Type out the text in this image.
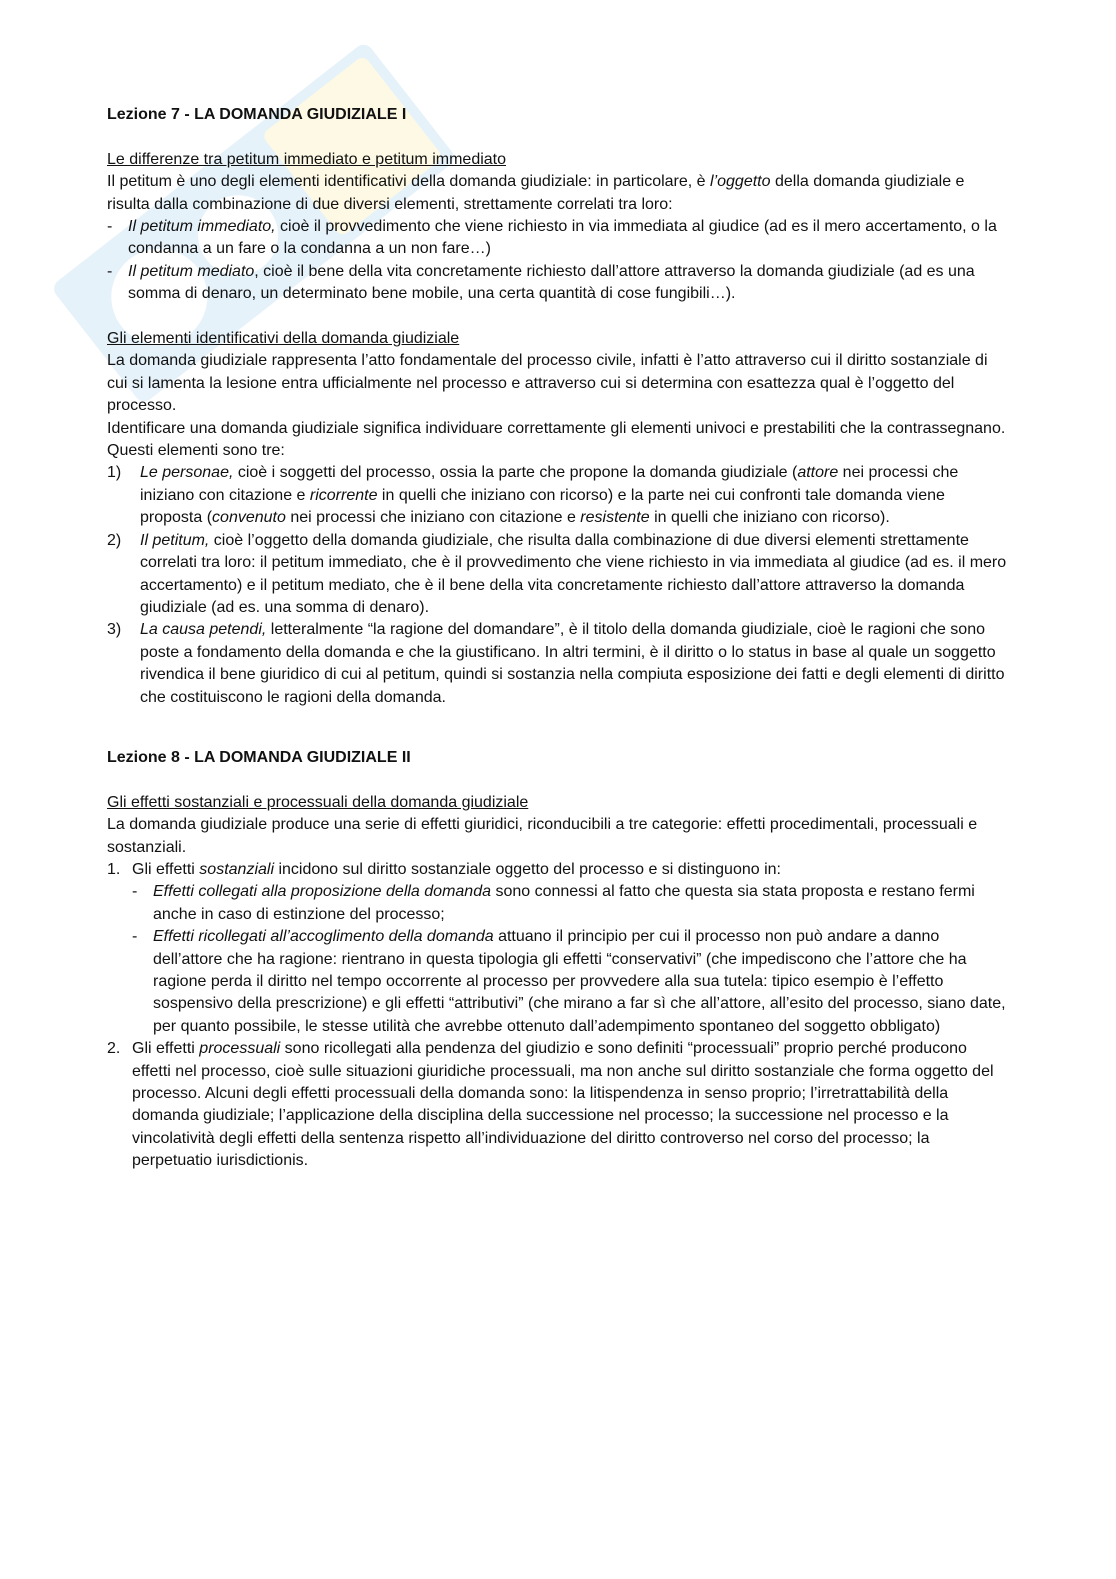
Lezione 7 - LA DOMANDA GIUDIZIALE I
Le differenze tra petitum immediato e petitum immediato

Il petitum è uno degli elementi identificativi della domanda giudiziale: in particolare, è l’oggetto della domanda giudiziale e risulta dalla combinazione di due diversi elementi, strettamente correlati tra loro:

- Il petitum immediato, cioè il provvedimento che viene richiesto in via immediata al giudice (ad es il mero accertamento, o la condanna a un fare o la condanna a un non fare…)
- Il petitum mediato, cioè il bene della vita concretamente richiesto dall’attore attraverso la domanda giudiziale (ad es una somma di denaro, un determinato bene mobile, una certa quantità di cose fungibili…).
Gli elementi identificativi della domanda giudiziale

La domanda giudiziale rappresenta l’atto fondamentale del processo civile, infatti è l’atto attraverso cui il diritto sostanziale di cui si lamenta la lesione entra ufficialmente nel processo e attraverso cui si determina con esattezza qual è l’oggetto del processo.

Identificare una domanda giudiziale significa individuare correttamente gli elementi univoci e prestabiliti che la contrassegnano. Questi elementi sono tre:

1) Le personae, cioè i soggetti del processo, ossia la parte che propone la domanda giudiziale (attore nei processi che iniziano con citazione e ricorrente in quelli che iniziano con ricorso) e la parte nei cui confronti tale domanda viene proposta (convenuto nei processi che iniziano con citazione e resistente in quelli che iniziano con ricorso).
2) Il petitum, cioè l’oggetto della domanda giudiziale, che risulta dalla combinazione di due diversi elementi strettamente correlati tra loro: il petitum immediato, che è il provvedimento che viene richiesto in via immediata al giudice (ad es. il mero accertamento) e il petitum mediato, che è il bene della vita concretamente richiesto dall’attore attraverso la domanda giudiziale (ad es. una somma di denaro).
3) La causa petendi, letteralmente “la ragione del domandare”, è il titolo della domanda giudiziale, cioè le ragioni che sono poste a fondamento della domanda e che la giustificano. In altri termini, è il diritto o lo status in base al quale un soggetto rivendica il bene giuridico di cui al petitum, quindi si sostanzia nella compiuta esposizione dei fatti e degli elementi di diritto che costituiscono le ragioni della domanda.
Lezione 8 - LA DOMANDA GIUDIZIALE II
Gli effetti sostanziali e processuali della domanda giudiziale

La domanda giudiziale produce una serie di effetti giuridici, riconducibili a tre categorie: effetti procedimentali, processuali e sostanziali.

1. Gli effetti sostanziali incidono sul diritto sostanziale oggetto del processo e si distinguono in:
- Effetti collegati alla proposizione della domanda sono connessi al fatto che questa sia stata proposta e restano fermi anche in caso di estinzione del processo;
- Effetti ricollegati all’accoglimento della domanda attuano il principio per cui il processo non può andare a danno dell’attore che ha ragione: rientrano in questa tipologia gli effetti “conservativi” (che impediscono che l’attore che ha ragione perda il diritto nel tempo occorrente al processo per provvedere alla sua tutela: tipico esempio è l’effetto sospensivo della prescrizione) e gli effetti “attributivi” (che mirano a far sì che all’attore, all’esito del processo, siano date, per quanto possibile, le stesse utilità che avrebbe ottenuto dall’adempimento spontaneo del soggetto obbligato)
2. Gli effetti processuali sono ricollegati alla pendenza del giudizio e sono definiti “processuali” proprio perché producono effetti nel processo, cioè sulle situazioni giuridiche processuali, ma non anche sul diritto sostanziale che forma oggetto del processo. Alcuni degli effetti processuali della domanda sono: la litispendenza in senso proprio; l’irretrattabilità della domanda giudiziale; l’applicazione della disciplina della successione nel processo; la successione nel processo e la vincolatività degli effetti della sentenza rispetto all’individuazione del diritto controverso nel corso del processo; la perpetuatio iurisdictionis.
